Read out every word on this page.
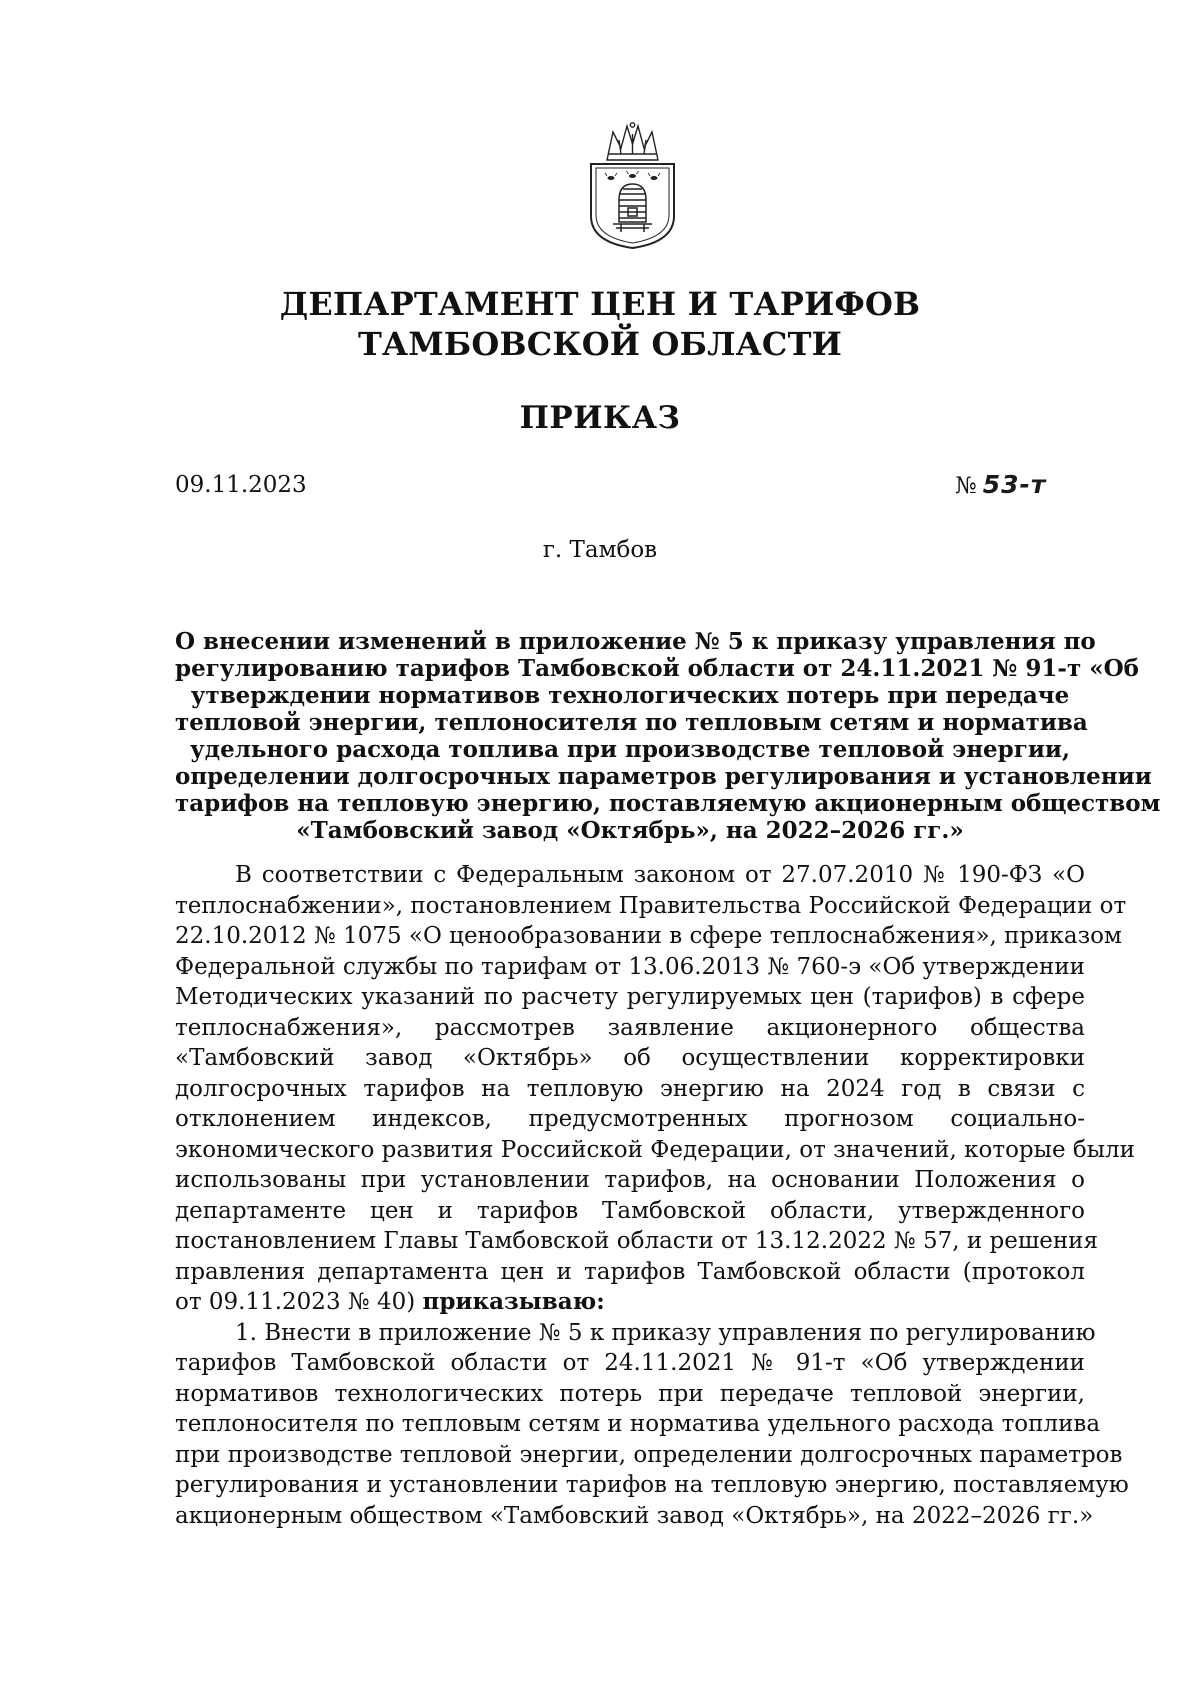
ДЕПАРТАМЕНТ ЦЕН И ТАРИФОВ
ТАМБОВСКОЙ ОБЛАСТИ
ПРИКАЗ
09.11.2023	№ 53-т
г. Тамбов
О внесении изменений в приложение № 5 к приказу управления по
регулированию тарифов Тамбовской области от 24.11.2021 № 91-т «Об
утверждении нормативов технологических потерь при передаче
тепловой энергии, теплоносителя по тепловым сетям и норматива
удельного расхода топлива при производстве тепловой энергии,
определении долгосрочных параметров регулирования и установлении
тарифов на тепловую энергию, поставляемую акционерным обществом
«Тамбовский завод «Октябрь», на 2022–2026 гг.»
В соответствии с Федеральным законом от 27.07.2010 № 190-ФЗ «О
теплоснабжении», постановлением Правительства Российской Федерации от
22.10.2012 № 1075 «О ценообразовании в сфере теплоснабжения», приказом
Федеральной службы по тарифам от 13.06.2013 № 760-э «Об утверждении
Методических указаний по расчету регулируемых цен (тарифов) в сфере
теплоснабжения», рассмотрев заявление акционерного общества
«Тамбовский завод «Октябрь» об осуществлении корректировки
долгосрочных тарифов на тепловую энергию на 2024 год в связи с
отклонением индексов, предусмотренных прогнозом социально-
экономического развития Российской Федерации, от значений, которые были
использованы при установлении тарифов, на основании Положения о
департаменте цен и тарифов Тамбовской области, утвержденного
постановлением Главы Тамбовской области от 13.12.2022 № 57, и решения
правления департамента цен и тарифов Тамбовской области (протокол
от 09.11.2023 № 40) приказываю:
1. Внести в приложение № 5 к приказу управления по регулированию
тарифов Тамбовской области от 24.11.2021 № 91-т «Об утверждении
нормативов технологических потерь при передаче тепловой энергии,
теплоносителя по тепловым сетям и норматива удельного расхода топлива
при производстве тепловой энергии, определении долгосрочных параметров
регулирования и установлении тарифов на тепловую энергию, поставляемую
акционерным обществом «Тамбовский завод «Октябрь», на 2022–2026 гг.»
